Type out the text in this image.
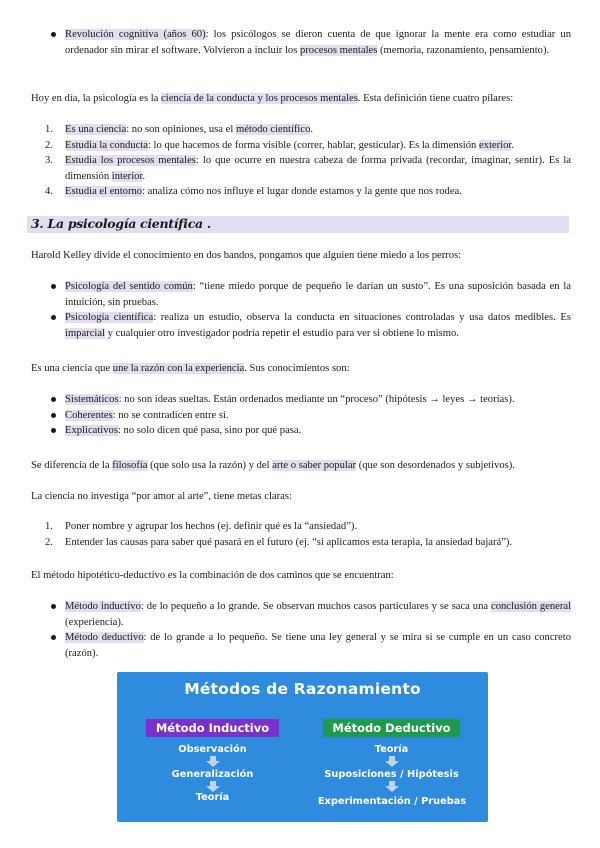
Revolución cognitiva (años 60): los psicólogos se dieron cuenta de que ignorar la mente era como estudiar un ordenador sin mirar el software. Volvieron a incluir los procesos mentales (memoria, razonamiento, pensamiento).

Hoy en día, la psicología es la ciencia de la conducta y los procesos mentales. Esta definición tiene cuatro pilares:

1. Es una ciencia: no son opiniones, usa el método científico.
2. Estudia la conducta: lo que hacemos de forma visible (correr, hablar, gesticular). Es la dimensión exterior.
3. Estudia los procesos mentales: lo que ocurre en nuestra cabeza de forma privada (recordar, imaginar, sentir). Es la dimensión interior.
4. Estudia el entorno: analiza cómo nos influye el lugar donde estamos y la gente que nos rodea.
3. La psicología científica .

Harold Kelley divide el conocimiento en dos bandos, pongamos que alguien tiene miedo a los perros:

Psicología del sentido común: “tiene miedo porque de pequeño le darían un susto”. Es una suposición basada en la intuición, sin pruebas.
Psicología científica: realiza un estudio, observa la conducta en situaciones controladas y usa datos medibles. Es imparcial y cualquier otro investigador podría repetir el estudio para ver si obtiene lo mismo.

Es una ciencia que une la razón con la experiencia. Sus conocimientos son:

Sistemáticos: no son ideas sueltas. Están ordenados mediante un “proceso” (hipótesis → leyes → teorías).
Coherentes: no se contradicen entre sí.
Explicativos: no solo dicen qué pasa, sino por qué pasa.

Se diferencia de la filosofía (que solo usa la razón) y del arte o saber popular (que son desordenados y subjetivos).

La ciencia no investiga “por amor al arte”, tiene metas claras:

1. Poner nombre y agrupar los hechos (ej. definir qué es la “ansiedad”).
2. Entender las causas para saber qué pasará en el futuro (ej. “si aplicamos esta terapia, la ansiedad bajará”).

El método hipotético-deductivo es la combinación de dos caminos que se encuentran:

Método inductivo: de lo pequeño a lo grande. Se observan muchos casos particulares y se saca una conclusión general (experiencia).
Método deductivo: de lo grande a lo pequeño. Se tiene una ley general y se mira si se cumple en un caso concreto (razón).
Métodos de Razonamiento
Método Inductivo	Método Deductivo
Observación
Generalización
Teoría
Teoría
Suposiciones / Hipótesis
Experimentación / Pruebas
